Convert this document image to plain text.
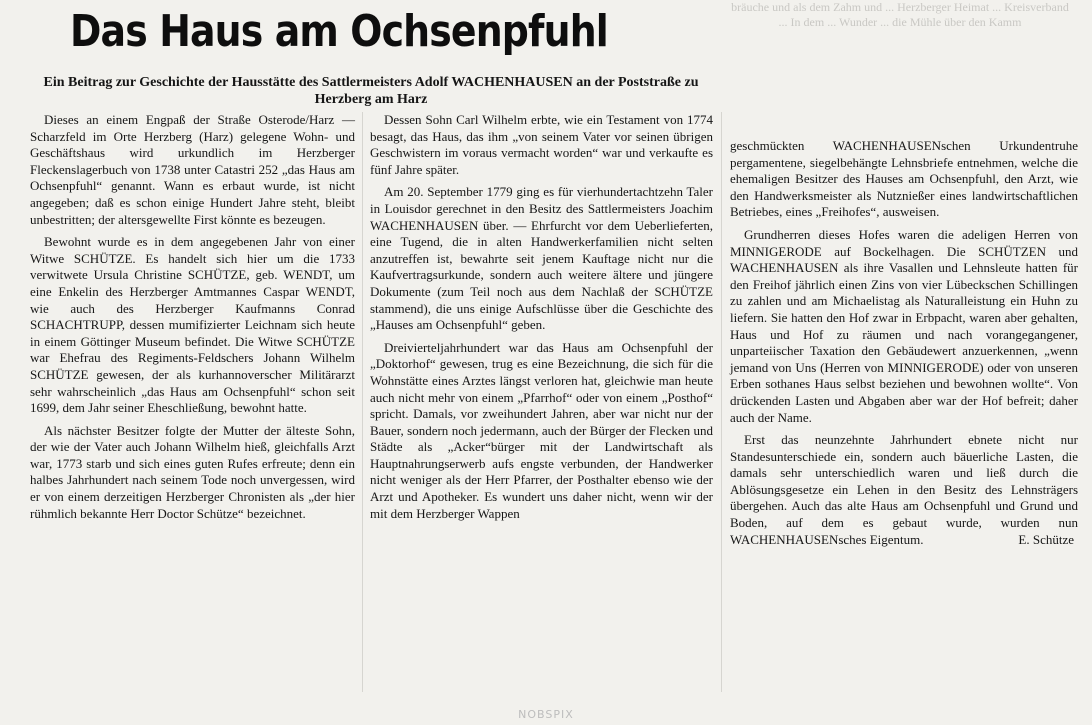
bräuche und als dem Zahm und ... Herzberger Heimat ... Kreisverband ... In dem ... Wunder ... die Mühle über den Kamm
Das Haus am Ochsenpfuhl

Ein Beitrag zur Geschichte der Hausstätte des Sattlermeisters Adolf WACHENHAUSEN an der Poststraße zu Herzberg am Harz

Dieses an einem Engpaß der Straße Osterode/Harz — Scharzfeld im Orte Herzberg (Harz) gelegene Wohn- und Geschäftshaus wird urkundlich im Herzberger Fleckenslagerbuch von 1738 unter Catastri 252 „das Haus am Ochsenpfuhl“ genannt. Wann es erbaut wurde, ist nicht angegeben; daß es schon einige Hundert Jahre steht, bleibt unbestritten; der altersgewellte First könnte es bezeugen.

Bewohnt wurde es in dem angegebenen Jahr von einer Witwe SCHÜTZE. Es handelt sich hier um die 1733 verwitwete Ursula Christine SCHÜTZE, geb. WENDT, um eine Enkelin des Herzberger Amtmannes Caspar WENDT, wie auch des Herzberger Kaufmanns Conrad SCHACHTRUPP, dessen mumifizierter Leichnam sich heute in einem Göttinger Museum befindet. Die Witwe SCHÜTZE war Ehefrau des Regiments-Feldschers Johann Wilhelm SCHÜTZE gewesen, der als kurhannoverscher Militärarzt sehr wahrscheinlich „das Haus am Ochsenpfuhl“ schon seit 1699, dem Jahr seiner Eheschließung, bewohnt hatte.

Als nächster Besitzer folgte der Mutter der älteste Sohn, der wie der Vater auch Johann Wilhelm hieß, gleichfalls Arzt war, 1773 starb und sich eines guten Rufes erfreute; denn ein halbes Jahrhundert nach seinem Tode noch unvergessen, wird er von einem derzeitigen Herzberger Chronisten als „der hier rühmlich bekannte Herr Doctor Schütze“ bezeichnet.

Dessen Sohn Carl Wilhelm erbte, wie ein Testament von 1774 besagt, das Haus, das ihm „von seinem Vater vor seinen übrigen Geschwistern im voraus vermacht worden“ war und verkaufte es fünf Jahre später.

Am 20. September 1779 ging es für vierhundertachtzehn Taler in Louisdor gerechnet in den Besitz des Sattlermeisters Joachim WACHENHAUSEN über. — Ehrfurcht vor dem Ueberlieferten, eine Tugend, die in alten Handwerkerfamilien nicht selten anzutreffen ist, bewahrte seit jenem Kauftage nicht nur die Kaufvertragsurkunde, sondern auch weitere ältere und jüngere Dokumente (zum Teil noch aus dem Nachlaß der SCHÜTZE stammend), die uns einige Aufschlüsse über die Geschichte des „Hauses am Ochsenpfuhl“ geben.

Dreivierteljahrhundert war das Haus am Ochsenpfuhl der „Doktorhof“ gewesen, trug es eine Bezeichnung, die sich für die Wohnstätte eines Arztes längst verloren hat, gleichwie man heute auch nicht mehr von einem „Pfarrhof“ oder von einem „Posthof“ spricht. Damals, vor zweihundert Jahren, aber war nicht nur der Bauer, sondern noch jedermann, auch der Bürger der Flecken und Städte als „Acker“bürger mit der Landwirtschaft als Hauptnahrungserwerb aufs engste verbunden, der Handwerker nicht weniger als der Herr Pfarrer, der Posthalter ebenso wie der Arzt und Apotheker. Es wundert uns daher nicht, wenn wir der mit dem Herzberger Wappen

geschmückten WACHENHAUSENschen Urkundentruhe pergamentene, siegelbehängte Lehnsbriefe entnehmen, welche die ehemaligen Besitzer des Hauses am Ochsenpfuhl, den Arzt, wie den Handwerksmeister als Nutznießer eines landwirtschaftlichen Betriebes, eines „Freihofes“, ausweisen.

Grundherren dieses Hofes waren die adeligen Herren von MINNIGERODE auf Bockelhagen. Die SCHÜTZEN und WACHENHAUSEN als ihre Vasallen und Lehnsleute hatten für den Freihof jährlich einen Zins von vier Lübeckschen Schillingen zu zahlen und am Michaelistag als Naturalleistung ein Huhn zu liefern. Sie hatten den Hof zwar in Erbpacht, waren aber gehalten, Haus und Hof zu räumen und nach vorangegangener, unparteiischer Taxation den Gebäudewert anzuerkennen, „wenn jemand von Uns (Herren von MINNIGERODE) oder von unseren Erben sothanes Haus selbst beziehen und bewohnen wollte“. Von drückenden Lasten und Abgaben aber war der Hof befreit; daher auch der Name.

Erst das neunzehnte Jahrhundert ebnete nicht nur Standesunterschiede ein, sondern auch bäuerliche Lasten, die damals sehr unterschiedlich waren und ließ durch die Ablösungsgesetze ein Lehen in den Besitz des Lehnsträgers übergehen. Auch das alte Haus am Ochsenpfuhl und Grund und Boden, auf dem es gebaut wurde, wurden nun WACHENHAUSENsches Eigentum.	E. Schütze

NOBSPIX
